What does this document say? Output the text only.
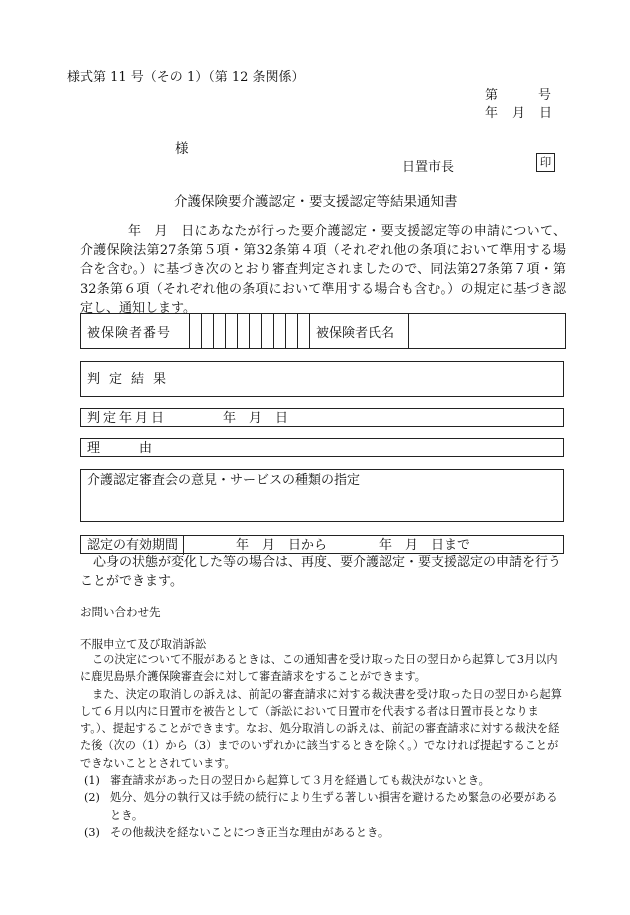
様式第 11 号（その 1）（第 12 条関係）
第	号
年 月 日
様
日置市長	印
介護保険要介護認定・要支援認定等結果通知書

年　月　日にあなたが行った要介護認定・要支援認定等の申請について、介護保険法第27条第５項・第32条第４項（それぞれ他の条項において準用する場合を含む。）に基づき次のとおり審査判定されましたので、同法第27条第７項・第32条第６項（それぞれ他の条項において準用する場合も含む。）の規定に基づき認定し、通知します。

被保険者番号											被保険者氏名	
判定結果
判定年月日	年　月　日
理　　　由
介護認定審査会の意見・サービスの種類の指定
認定の有効期間	年　月　日から　　　　年　月　日まで
心身の状態が変化した等の場合は、再度、要介護認定・要支援認定の申請を行うことができます。
お問い合わせ先
不服申立て及び取消訴訟

この決定について不服があるときは、この通知書を受け取った日の翌日から起算して3月以内に鹿児島県介護保険審査会に対して審査請求をすることができます。

また、決定の取消しの訴えは、前記の審査請求に対する裁決書を受け取った日の翌日から起算して６月以内に日置市を被告として（訴訟において日置市を代表する者は日置市長となります。）、提起することができます。なお、処分取消しの訴えは、前記の審査請求に対する裁決を経た後（次の（1）から（3）までのいずれかに該当するときを除く。）でなければ提起することができないこととされています。

(1) 審査請求があった日の翌日から起算して３月を経過しても裁決がないとき。

(2) 処分、処分の執行又は手続の続行により生ずる著しい損害を避けるため緊急の必要があるとき。

(3) その他裁決を経ないことにつき正当な理由があるとき。
